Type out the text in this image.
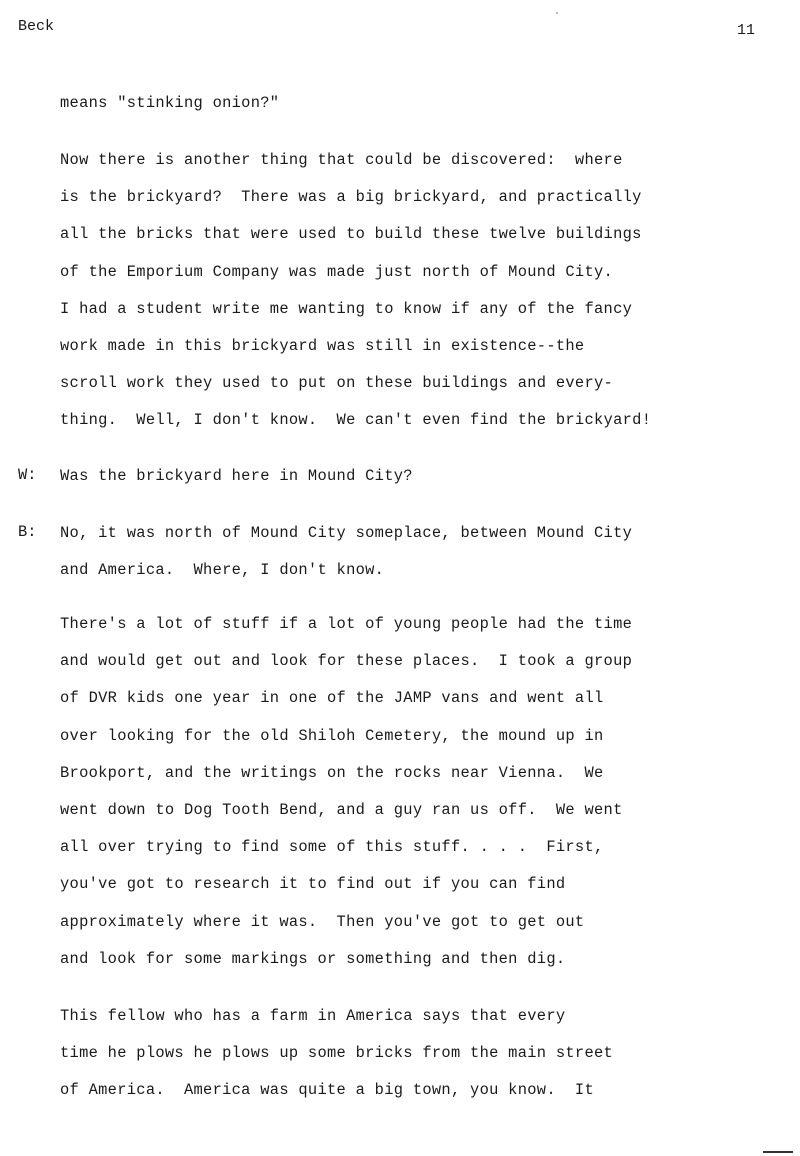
Beck	11
means "stinking onion?"
Now there is another thing that could be discovered:  where
is the brickyard?  There was a big brickyard, and practically
all the bricks that were used to build these twelve buildings
of the Emporium Company was made just north of Mound City.
I had a student write me wanting to know if any of the fancy
work made in this brickyard was still in existence--the
scroll work they used to put on these buildings and every-
thing.  Well, I don't know.  We can't even find the brickyard!
W: Was the brickyard here in Mound City?
B: No, it was north of Mound City someplace, between Mound City
and America.  Where, I don't know.
There's a lot of stuff if a lot of young people had the time
and would get out and look for these places.  I took a group
of DVR kids one year in one of the JAMP vans and went all
over looking for the old Shiloh Cemetery, the mound up in
Brookport, and the writings on the rocks near Vienna.  We
went down to Dog Tooth Bend, and a guy ran us off.  We went
all over trying to find some of this stuff. . . .  First,
you've got to research it to find out if you can find
approximately where it was.  Then you've got to get out
and look for some markings or something and then dig.
This fellow who has a farm in America says that every
time he plows he plows up some bricks from the main street
of America.  America was quite a big town, you know.  It
